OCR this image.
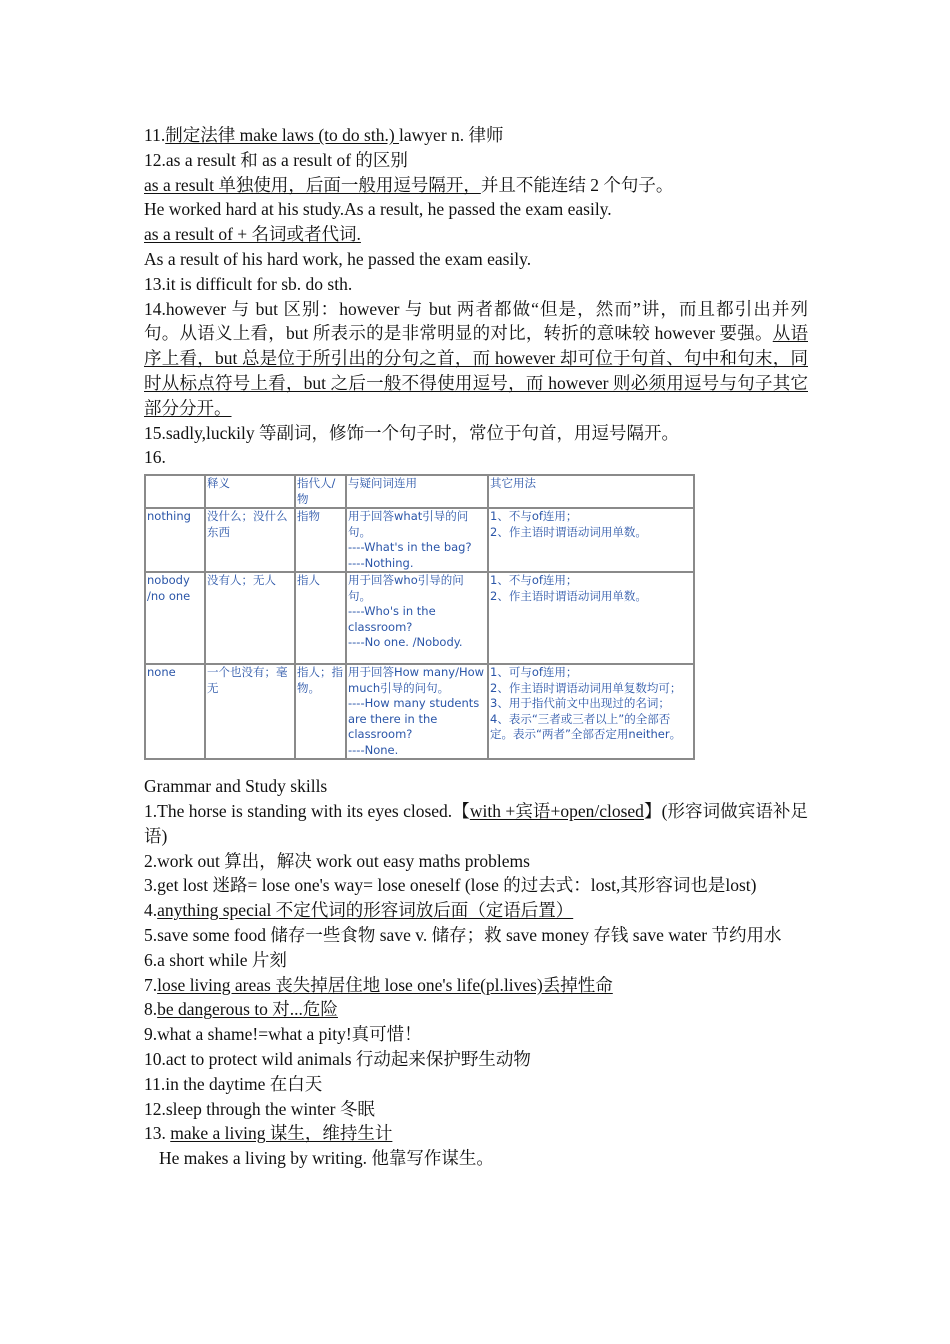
11.制定法律 make laws (to do sth.) lawyer n. 律师

12.as a result 和 as a result of 的区别

as a result 单独使用，后面一般用逗号隔开，并且不能连结 2 个句子。

He worked hard at his study.As a result, he passed the exam easily.

as a result of + 名词或者代词.

As a result of his hard work, he passed the exam easily.

13.it is difficult for sb. do sth.

14.however 与 but 区别：however 与 but 两者都做“但是，然而”讲，而且都引出并列句。从语义上看，but 所表示的是非常明显的对比，转折的意味较 however 要强。从语序上看，but 总是位于所引出的分句之首，而 however 却可位于句首、句中和句末，同时从标点符号上看，but 之后一般不得使用逗号，而 however 则必须用逗号与句子其它部分分开。

15.sadly,luckily 等副词，修饰一个句子时，常位于句首，用逗号隔开。

16.

	释义	指代人/物	与疑问词连用	其它用法
nothing	没什么；没什么东西	指物	用于回答what引导的问句。
----What's in the bag?
----Nothing.	1、不与of连用；
2、作主语时谓语动词用单数。

nobody /no one	没有人；无人	指人	用于回答who引导的问句。
----Who's in the classroom?
----No one. /Nobody.	1、不与of连用；
2、作主语时谓语动词用单数。

none	一个也没有；毫无	指人；指物。	用于回答How many/How much引导的问句。
----How many students are there in the classroom?
----None.	1、可与of连用；
2、作主语时谓语动词用单复数均可；
3、用于指代前文中出现过的名词；
4、表示“三者或三者以上”的全部否定。表示“两者”全部否定用neither。

Grammar and Study skills

1.The horse is standing with its eyes closed.【with +宾语+open/closed】(形容词做宾语补足语)

2.work out 算出，解决 work out easy maths problems

3.get lost 迷路= lose one's way= lose oneself (lose 的过去式：lost,其形容词也是lost)

4.anything special 不定代词的形容词放后面（定语后置）

5.save some food 储存一些食物 save v. 储存；救 save money 存钱 save water 节约用水

6.a short while 片刻

7.lose living areas 丧失掉居住地 lose one's life(pl.lives)丢掉性命

8.be dangerous to 对...危险

9.what a shame!=what a pity!真可惜！

10.act to protect wild animals 行动起来保护野生动物

11.in the daytime 在白天

12.sleep through the winter 冬眠

13. make a living 谋生，维持生计

He makes a living by writing. 他靠写作谋生。
